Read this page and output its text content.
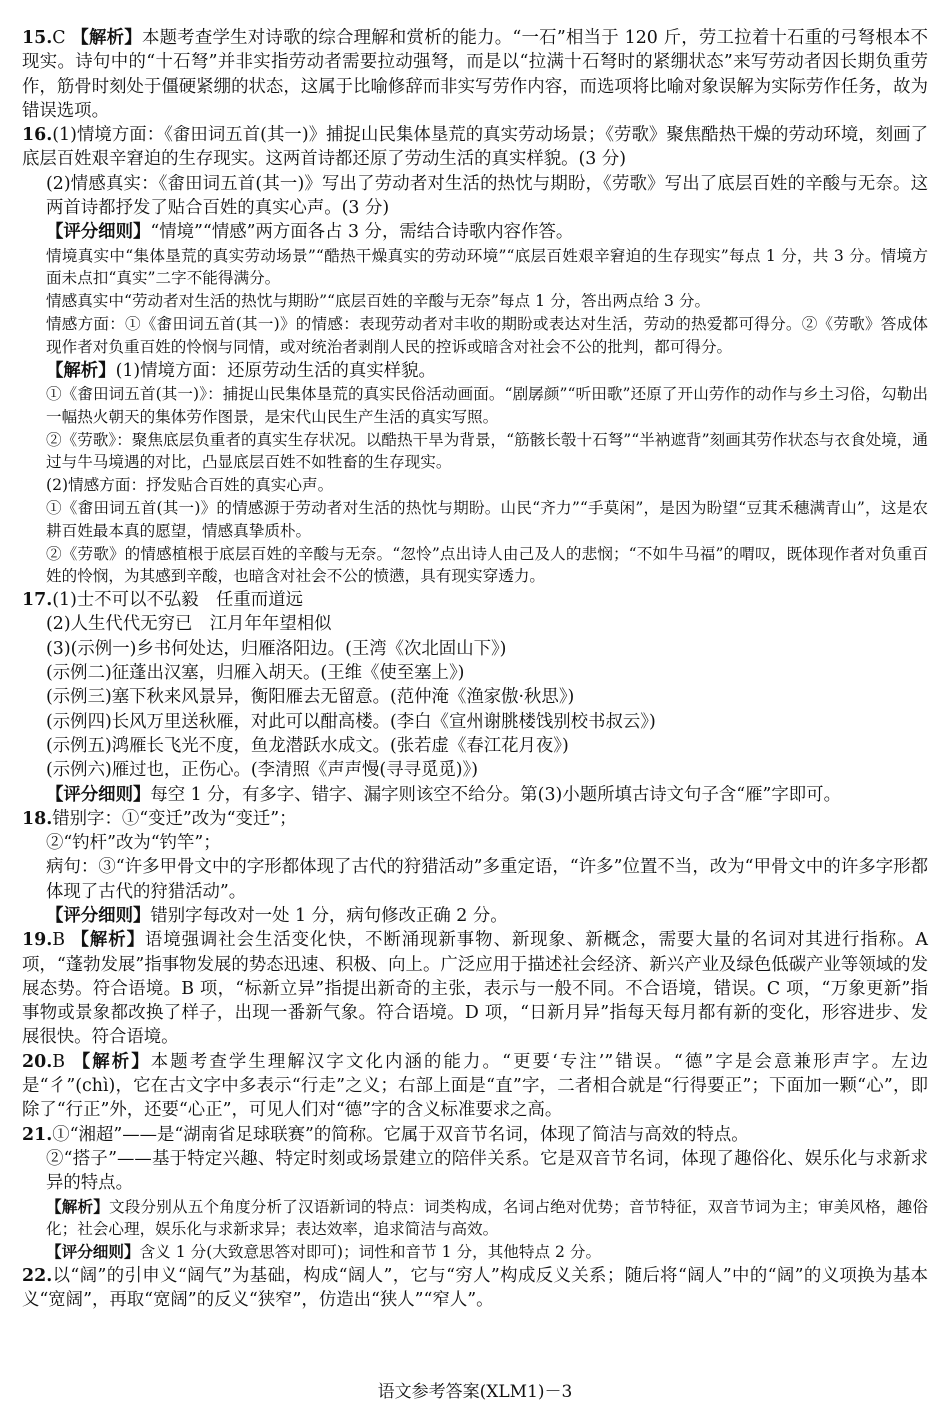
15.C 【解析】本题考查学生对诗歌的综合理解和赏析的能力。“一石”相当于 120 斤，劳工拉着十石重的弓弩根本不现实。诗句中的“十石弩”并非实指劳动者需要拉动强弩，而是以“拉满十石弩时的紧绷状态”来写劳动者因长期负重劳作，筋骨时刻处于僵硬紧绷的状态，这属于比喻修辞而非实写劳作内容，而选项将比喻对象误解为实际劳作任务，故为错误选项。
16.(1)情境方面：《畬田词五首(其一)》捕捉山民集体垦荒的真实劳动场景；《劳歌》聚焦酷热干燥的劳动环境，刻画了底层百姓艰辛窘迫的生存现实。这两首诗都还原了劳动生活的真实样貌。(3 分)
(2)情感真实：《畬田词五首(其一)》写出了劳动者对生活的热忱与期盼，《劳歌》写出了底层百姓的辛酸与无奈。这两首诗都抒发了贴合百姓的真实心声。(3 分)
【评分细则】“情境”“情感”两方面各占 3 分，需结合诗歌内容作答。
情境真实中“集体垦荒的真实劳动场景”“酷热干燥真实的劳动环境”“底层百姓艰辛窘迫的生存现实”每点 1 分，共 3 分。情境方面未点扣“真实”二字不能得满分。
情感真实中“劳动者对生活的热忱与期盼”“底层百姓的辛酸与无奈”每点 1 分，答出两点给 3 分。
情感方面：①《畬田词五首(其一)》的情感：表现劳动者对丰收的期盼或表达对生活，劳动的热爱都可得分。②《劳歌》答成体现作者对负重百姓的怜悯与同情，或对统治者剥削人民的控诉或暗含对社会不公的批判，都可得分。
【解析】(1)情境方面：还原劳动生活的真实样貌。
①《畬田词五首(其一)》：捕捉山民集体垦荒的真实民俗活动画面。“剧孱颜”“听田歌”还原了开山劳作的动作与乡土习俗，勾勒出一幅热火朝天的集体劳作图景，是宋代山民生产生活的真实写照。
②《劳歌》：聚焦底层负重者的真实生存状况。以酷热干旱为背景，“筋骸长彀十石弩”“半衲遮背”刻画其劳作状态与衣食处境，通过与牛马境遇的对比，凸显底层百姓不如牲畜的生存现实。
(2)情感方面：抒发贴合百姓的真实心声。
①《畬田词五首(其一)》的情感源于劳动者对生活的热忱与期盼。山民“齐力”“手莫闲”，是因为盼望“豆萁禾穗满青山”，这是农耕百姓最本真的愿望，情感真挚质朴。
②《劳歌》的情感植根于底层百姓的辛酸与无奈。“忽怜”点出诗人由己及人的悲悯；“不如牛马福”的喟叹，既体现作者对负重百姓的怜悯，为其感到辛酸，也暗含对社会不公的愤懑，具有现实穿透力。
17.(1)士不可以不弘毅　任重而道远
(2)人生代代无穷已　江月年年望相似
(3)(示例一)乡书何处达，归雁洛阳边。(王湾《次北固山下》)
(示例二)征蓬出汉塞，归雁入胡天。(王维《使至塞上》)
(示例三)塞下秋来风景异，衡阳雁去无留意。(范仲淹《渔家傲·秋思》)
(示例四)长风万里送秋雁，对此可以酣高楼。(李白《宣州谢朓楼饯别校书叔云》)
(示例五)鸿雁长飞光不度，鱼龙潜跃水成文。(张若虚《春江花月夜》)
(示例六)雁过也，正伤心。(李清照《声声慢(寻寻觅觅)》)
【评分细则】每空 1 分，有多字、错字、漏字则该空不给分。第(3)小题所填古诗文句子含“雁”字即可。
18.错别字：①“变迁”改为“变迁”；
②“钓杆”改为“钓竿”；
病句：③“许多甲骨文中的字形都体现了古代的狩猎活动”多重定语，“许多”位置不当，改为“甲骨文中的许多字形都体现了古代的狩猎活动”。
【评分细则】错别字每改对一处 1 分，病句修改正确 2 分。
19.B 【解析】语境强调社会生活变化快，不断涌现新事物、新现象、新概念，需要大量的名词对其进行指称。A 项，“蓬勃发展”指事物发展的势态迅速、积极、向上。广泛应用于描述社会经济、新兴产业及绿色低碳产业等领域的发展态势。符合语境。B 项，“标新立异”指提出新奇的主张，表示与一般不同。不合语境，错误。C 项，“万象更新”指事物或景象都改换了样子，出现一番新气象。符合语境。D 项，“日新月异”指每天每月都有新的变化，形容进步、发展很快。符合语境。
20.B 【解析】本题考查学生理解汉字文化内涵的能力。“更要‘专注’”错误。“德”字是会意兼形声字。左边是“彳”(chì)，它在古文字中多表示“行走”之义；右部上面是“直”字，二者相合就是“行得要正”；下面加一颗“心”，即除了“行正”外，还要“心正”，可见人们对“德”字的含义标准要求之高。
21.①“湘超”——是“湖南省足球联赛”的简称。它属于双音节名词，体现了简洁与高效的特点。
②“搭子”——基于特定兴趣、特定时刻或场景建立的陪伴关系。它是双音节名词，体现了趣俗化、娱乐化与求新求异的特点。
【解析】文段分别从五个角度分析了汉语新词的特点：词类构成，名词占绝对优势；音节特征，双音节词为主；审美风格，趣俗化；社会心理，娱乐化与求新求异；表达效率，追求简洁与高效。
【评分细则】含义 1 分(大致意思答对即可)；词性和音节 1 分，其他特点 2 分。
22.以“阔”的引申义“阔气”为基础，构成“阔人”，它与“穷人”构成反义关系；随后将“阔人”中的“阔”的义项换为基本义“宽阔”，再取“宽阔”的反义“狭窄”，仿造出“狭人”“窄人”。
语文参考答案(XLM1)－3
